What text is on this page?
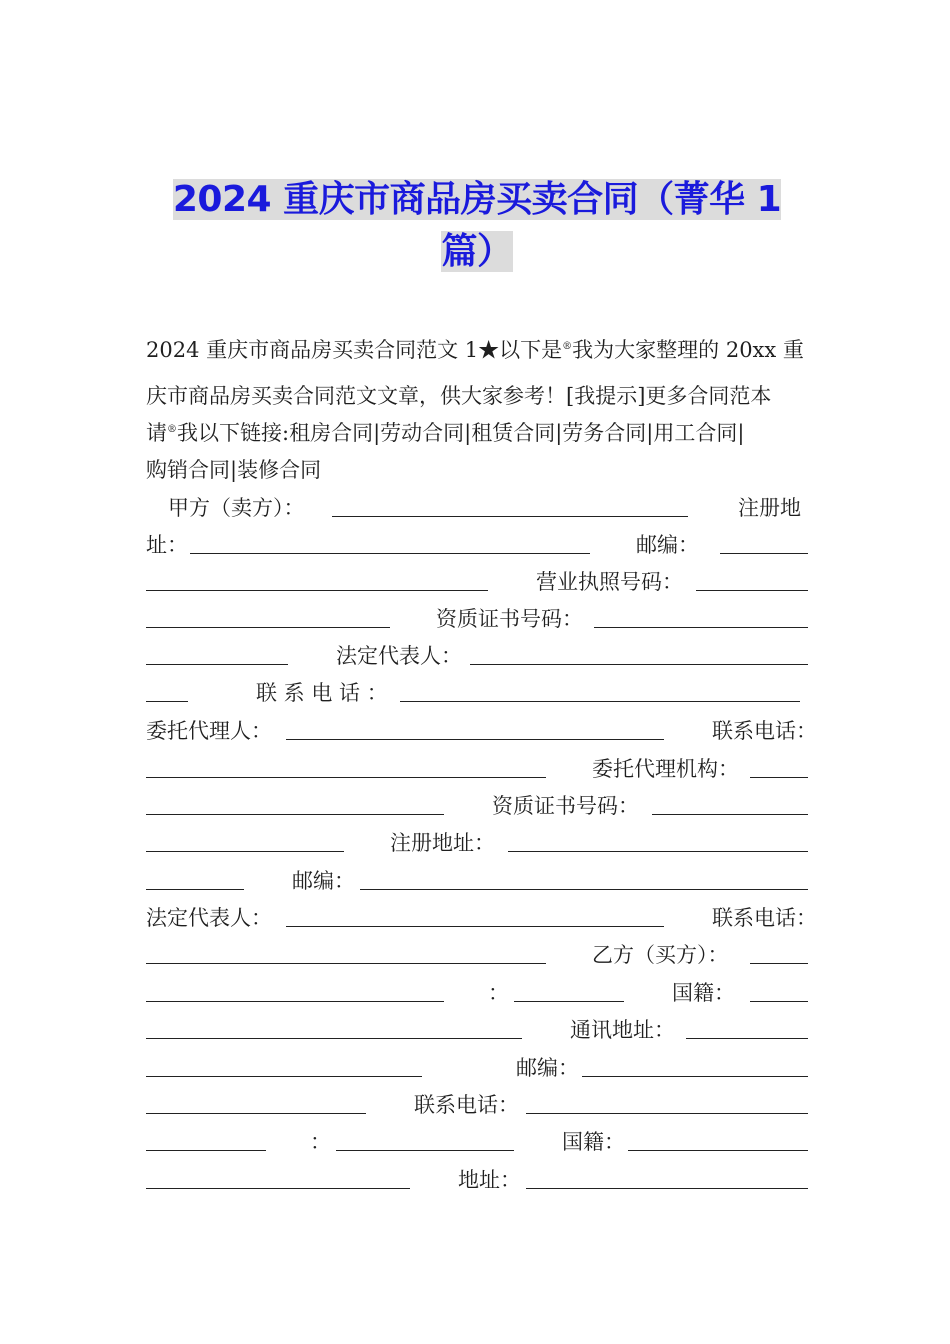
2024 重庆市商品房买卖合同（菁华 1
篇）
2024 重庆市商品房买卖合同范文 1★以下是®我为大家整理的 20xx 重
庆市商品房买卖合同范文文章，供大家参考！[我提示]更多合同范本
请®我以下链接:租房合同|劳动合同|租赁合同|劳务合同|用工合同|
购销合同|装修合同
甲方（卖方）：	注册地
址：	邮编：
营业执照号码：
资质证书号码：
法定代表人：
联 系 电 话 ：
委托代理人：	联系电话：
委托代理机构：
资质证书号码：
注册地址：
邮编：
法定代表人：	联系电话：
乙方（买方）：
：	国籍：
通讯地址：
邮编：
联系电话：
：	国籍：
地址：
